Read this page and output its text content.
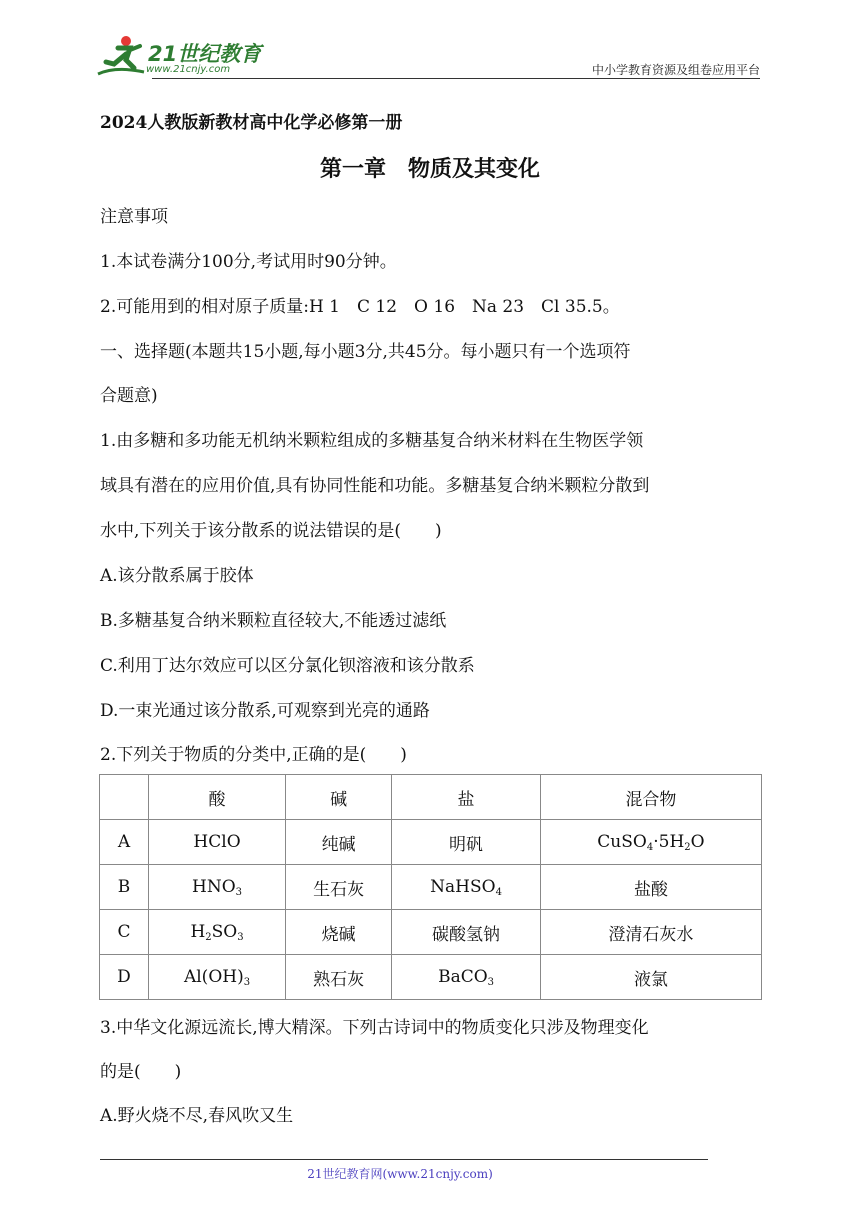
21世纪教育
www.21cnjy.com	中小学教育资源及组卷应用平台
2024人教版新教材高中化学必修第一册
第一章　物质及其变化
注意事项
1.本试卷满分100分,考试用时90分钟。
2.可能用到的相对原子质量:H 1　C 12　O 16　Na 23　Cl 35.5。
一、选择题(本题共15小题,每小题3分,共45分。每小题只有一个选项符
合题意)
1.由多糖和多功能无机纳米颗粒组成的多糖基复合纳米材料在生物医学领
域具有潜在的应用价值,具有协同性能和功能。多糖基复合纳米颗粒分散到
水中,下列关于该分散系的说法错误的是(　　)
A.该分散系属于胶体
B.多糖基复合纳米颗粒直径较大,不能透过滤纸
C.利用丁达尔效应可以区分氯化钡溶液和该分散系
D.一束光通过该分散系,可观察到光亮的通路
2.下列关于物质的分类中,正确的是(　　)
	酸	碱	盐	混合物
A	HClO	纯碱	明矾	$CuSO_4\cdot 5H_2O$
B	$HNO_3$	生石灰	NaHSO$_4$	盐酸
C	$H_2SO_3$	烧碱	碳酸氢钠	澄清石灰水
D	$Al(OH)_3$	熟石灰	BaCO$_3$	液氯
3.中华文化源远流长,博大精深。下列古诗词中的物质变化只涉及物理变化
的是(　　)
A.野火烧不尽,春风吹又生
21世纪教育网(www.21cnjy.com)
